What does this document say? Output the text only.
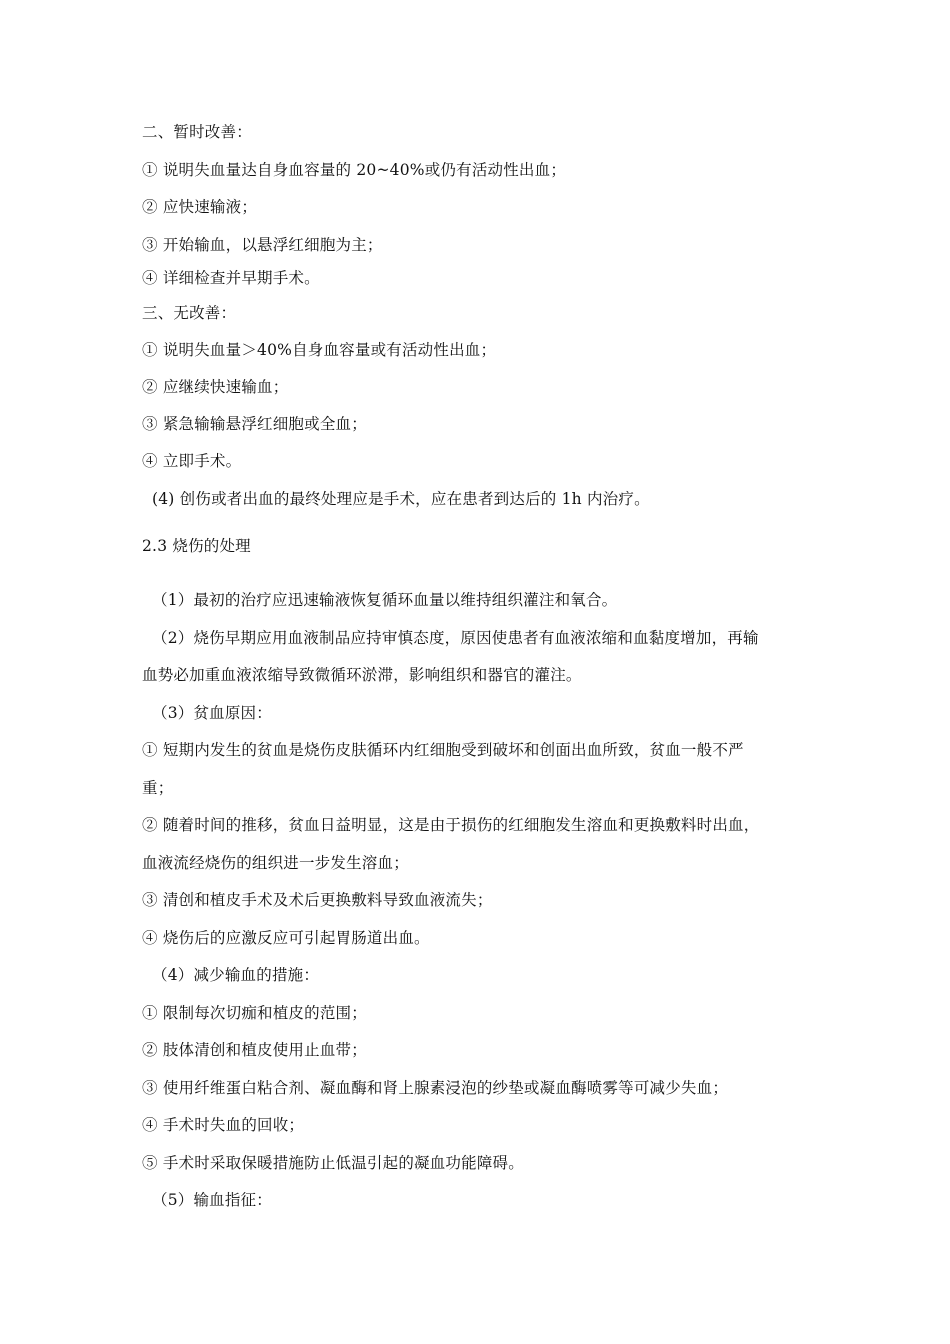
二、暂时改善：
① 说明失血量达自身血容量的 20~40%或仍有活动性出血；
② 应快速输液；
③ 开始输血，以悬浮红细胞为主；
④ 详细检查并早期手术。
三、无改善：
① 说明失血量＞40%自身血容量或有活动性出血；
② 应继续快速输血；
③ 紧急输输悬浮红细胞或全血；
④ 立即手术。
(4) 创伤或者出血的最终处理应是手术，应在患者到达后的 1h 内治疗。
2.3 烧伤的处理
（1）最初的治疗应迅速输液恢复循环血量以维持组织灌注和氧合。
（2）烧伤早期应用血液制品应持审慎态度，原因使患者有血液浓缩和血黏度增加，再输
血势必加重血液浓缩导致微循环淤滞，影响组织和器官的灌注。
（3）贫血原因：
① 短期内发生的贫血是烧伤皮肤循环内红细胞受到破坏和创面出血所致，贫血一般不严
重；
② 随着时间的推移，贫血日益明显，这是由于损伤的红细胞发生溶血和更换敷料时出血，
血液流经烧伤的组织进一步发生溶血；
③ 清创和植皮手术及术后更换敷料导致血液流失；
④ 烧伤后的应激反应可引起胃肠道出血。
（4）减少输血的措施：
① 限制每次切痂和植皮的范围；
② 肢体清创和植皮使用止血带；
③ 使用纤维蛋白粘合剂、凝血酶和肾上腺素浸泡的纱垫或凝血酶喷雾等可减少失血；
④ 手术时失血的回收；
⑤ 手术时采取保暖措施防止低温引起的凝血功能障碍。
（5）输血指征：
